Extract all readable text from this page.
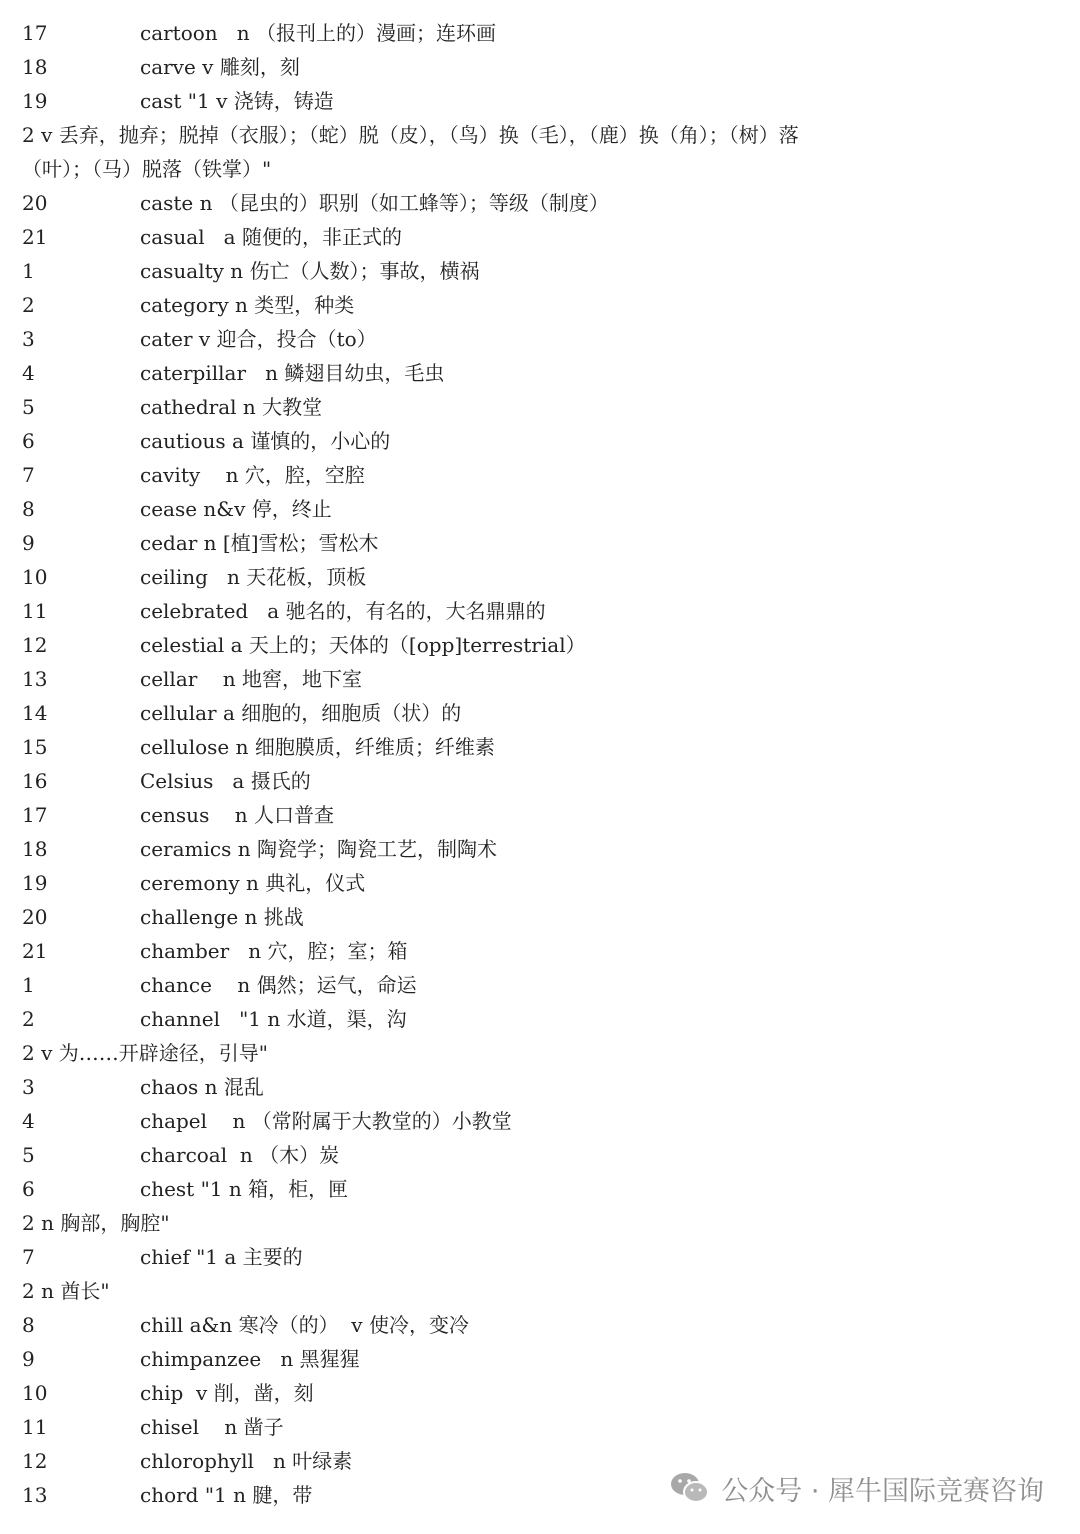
17	cartoon   n （报刊上的）漫画；连环画
18	carve v 雕刻，刻
19	cast "1 v 浇铸，铸造
2 v 丢弃，抛弃；脱掉（衣服）；（蛇）脱（皮），（鸟）换（毛），（鹿）换（角）；（树）落
（叶）；（马）脱落（铁掌）"
20	caste n （昆虫的）职别（如工蜂等）；等级（制度）
21	casual   a 随便的，非正式的
1	casualty n 伤亡（人数）；事故，横祸
2	category n 类型，种类
3	cater v 迎合，投合（to）
4	caterpillar   n 鳞翅目幼虫，毛虫
5	cathedral n 大教堂
6	cautious a 谨慎的，小心的
7	cavity    n 穴，腔，空腔
8	cease n&v 停，终止
9	cedar n [植]雪松；雪松木
10	ceiling   n 天花板，顶板
11	celebrated   a 驰名的，有名的，大名鼎鼎的
12	celestial a 天上的；天体的（[opp]terrestrial）
13	cellar    n 地窖，地下室
14	cellular a 细胞的，细胞质（状）的
15	cellulose n 细胞膜质，纤维质；纤维素
16	Celsius   a 摄氏的
17	census    n 人口普查
18	ceramics n 陶瓷学；陶瓷工艺，制陶术
19	ceremony n 典礼，仪式
20	challenge n 挑战
21	chamber   n 穴，腔；室；箱
1	chance    n 偶然；运气，命运
2	channel   "1 n 水道，渠，沟
2 v 为……开辟途径，引导"
3	chaos n 混乱
4	chapel    n （常附属于大教堂的）小教堂
5	charcoal  n （木）炭
6	chest "1 n 箱，柜，匣
2 n 胸部，胸腔"
7	chief "1 a 主要的
2 n 酋长"
8	chill a&n 寒冷（的）  v 使冷，变冷
9	chimpanzee   n 黑猩猩
10	chip  v 削，凿，刻
11	chisel    n 凿子
12	chlorophyll   n 叶绿素
13	chord "1 n 腱，带	公众号 · 犀牛国际竞赛咨询
